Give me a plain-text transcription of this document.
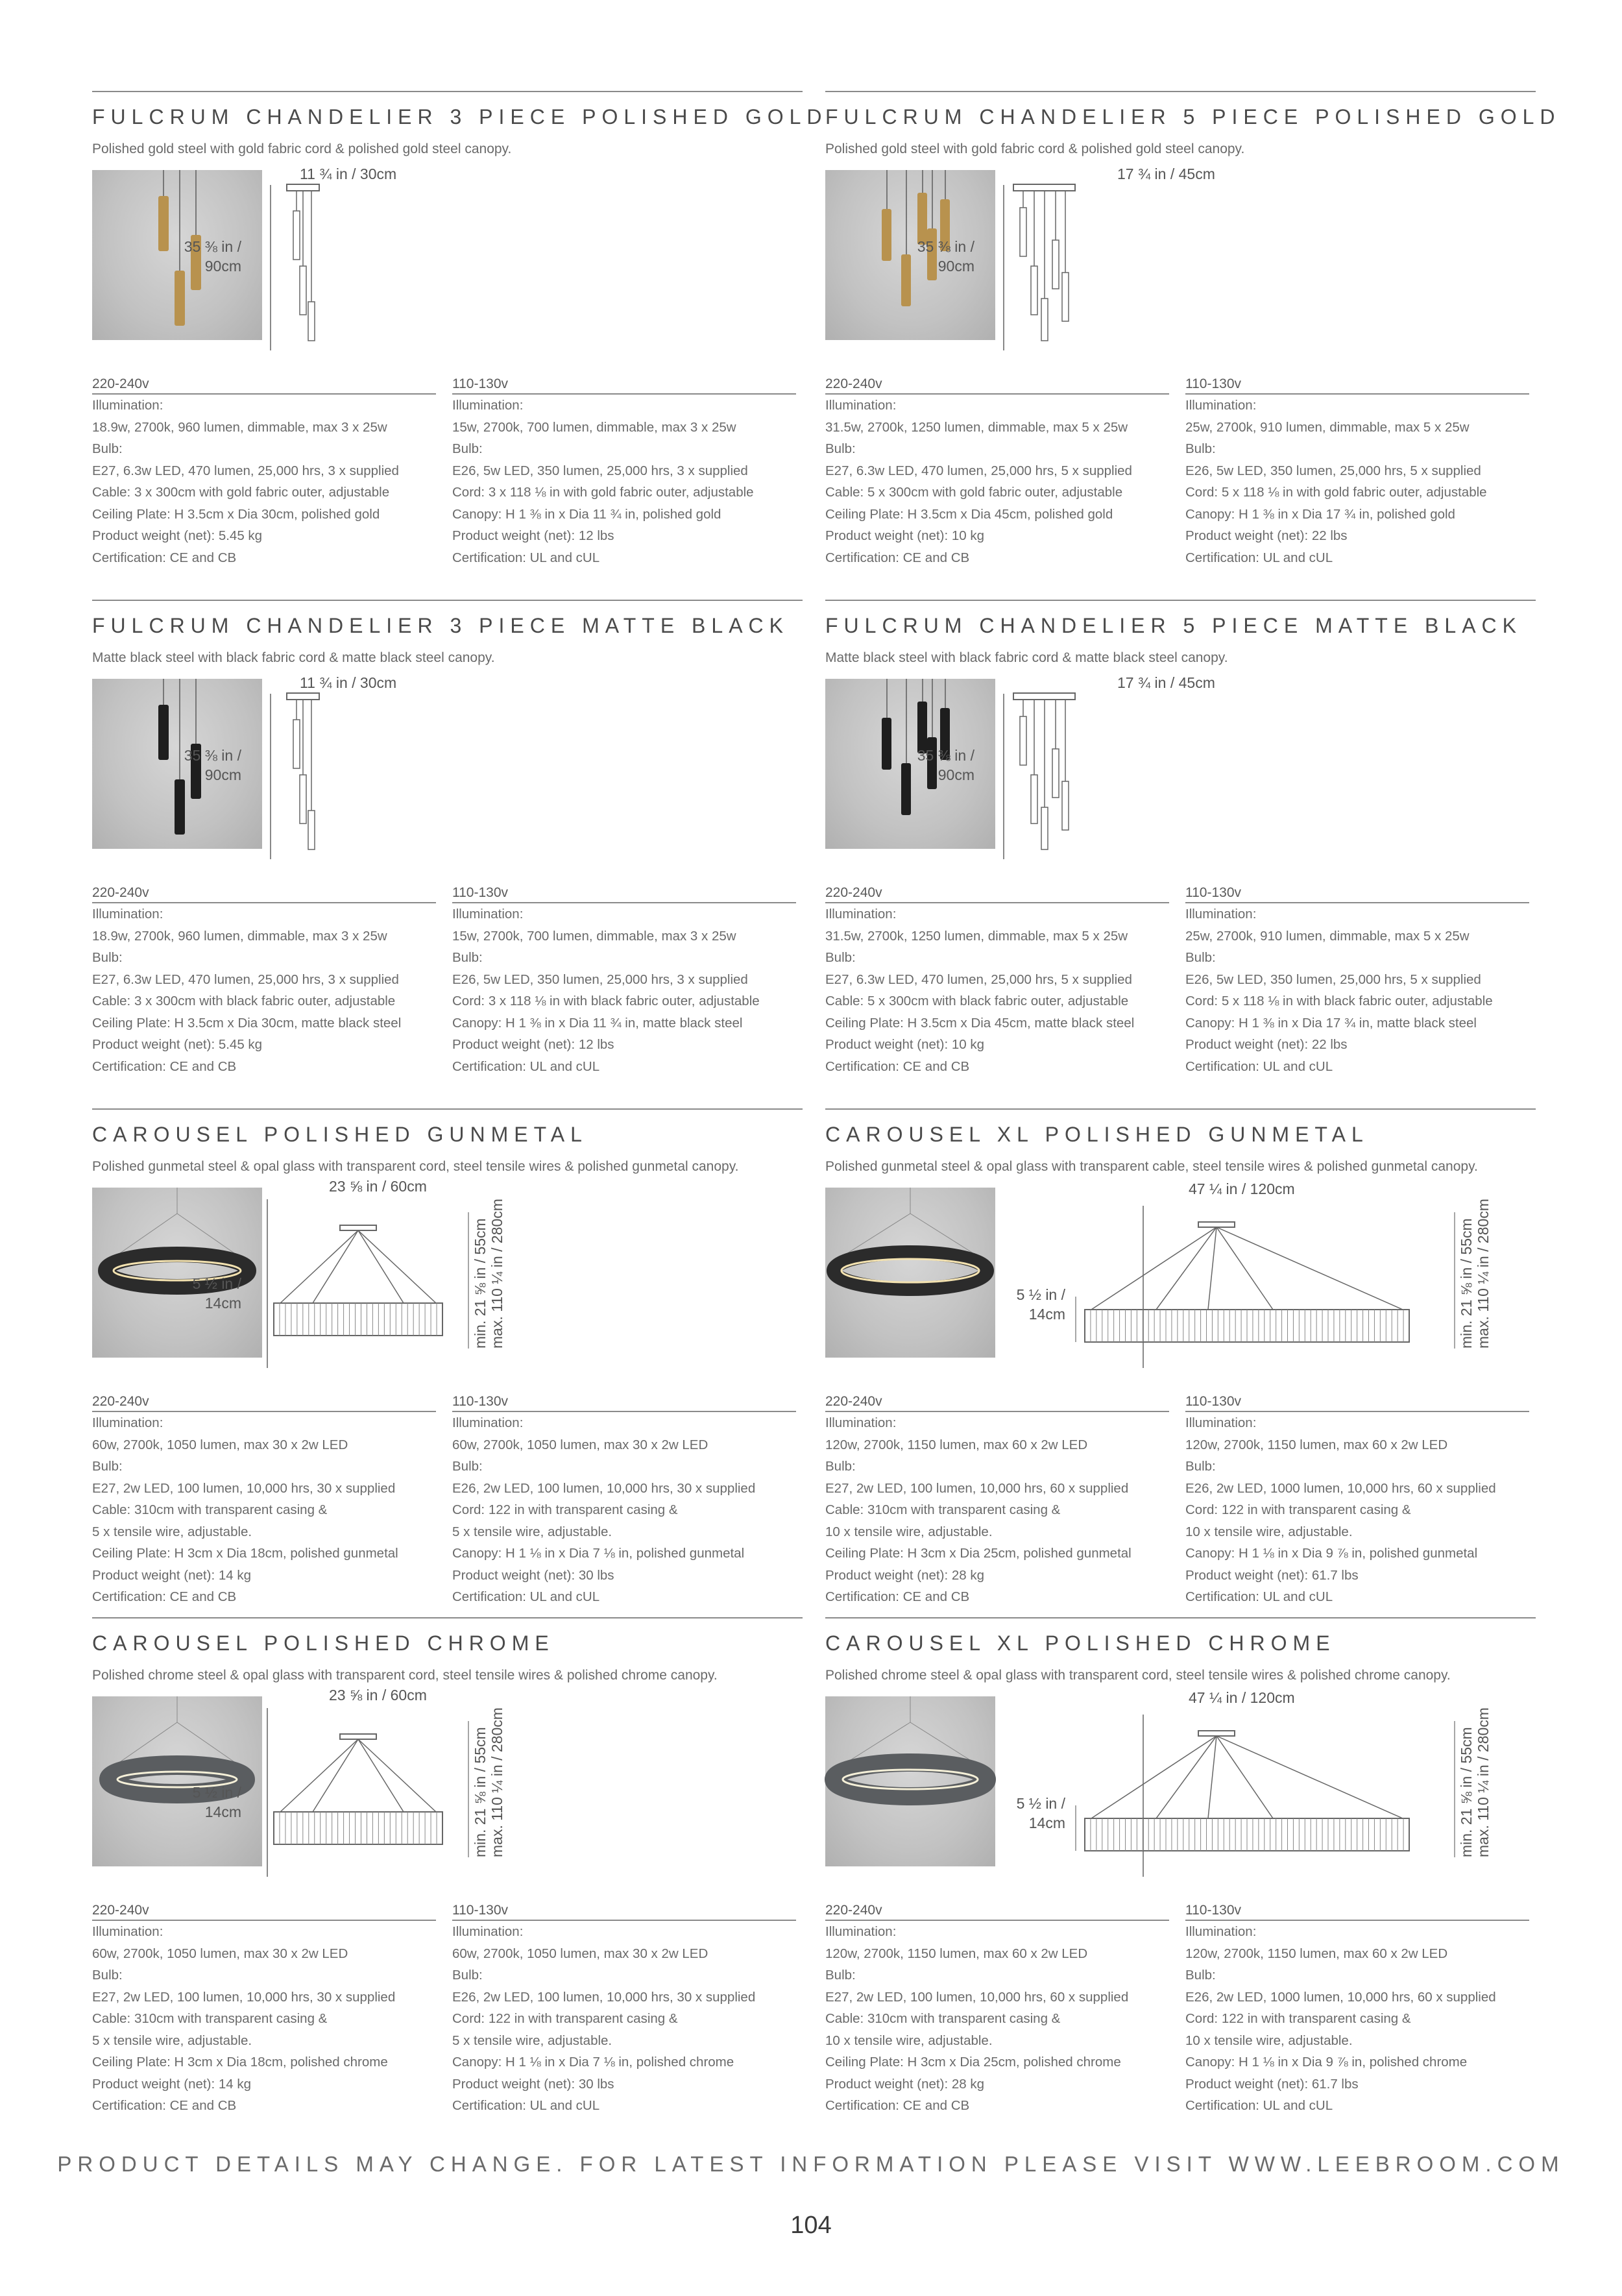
FULCRUM CHANDELIER 3 PIECE POLISHED GOLD
Polished gold steel with gold fabric cord & polished gold steel canopy.
11 ¾ in / 30cm
35 ⅜ in /
90cm
220-240v
Illumination:
18.9w, 2700k, 960 lumen, dimmable, max 3 x 25w
Bulb:
E27, 6.3w LED, 470 lumen, 25,000 hrs, 3 x supplied
Cable: 3 x 300cm with gold fabric outer, adjustable
Ceiling Plate: H 3.5cm x Dia 30cm, polished gold
Product weight (net): 5.45 kg
Certification: CE and CB
110-130v
Illumination:
15w, 2700k, 700 lumen, dimmable, max 3 x 25w
Bulb:
E26, 5w LED, 350 lumen, 25,000 hrs, 3 x supplied
Cord: 3 x 118 ⅛ in with gold fabric outer, adjustable
Canopy: H 1 ⅜ in x Dia 11 ¾ in, polished gold
Product weight (net): 12 lbs
Certification: UL and cUL
FULCRUM CHANDELIER 5 PIECE POLISHED GOLD
Polished gold steel with gold fabric cord & polished gold steel canopy.
17 ¾ in / 45cm
35 ⅜ in /
90cm
220-240v
Illumination:
31.5w, 2700k, 1250 lumen, dimmable, max 5 x 25w
Bulb:
E27, 6.3w LED, 470 lumen, 25,000 hrs, 5 x supplied
Cable: 5 x 300cm with gold fabric outer, adjustable
Ceiling Plate: H 3.5cm x Dia 45cm, polished gold
Product weight (net): 10 kg
Certification: CE and CB
110-130v
Illumination:
25w, 2700k, 910 lumen, dimmable, max 5 x 25w
Bulb:
E26, 5w LED, 350 lumen, 25,000 hrs, 5 x supplied
Cord: 5 x 118 ⅛ in with gold fabric outer, adjustable
Canopy: H 1 ⅜ in x Dia 17 ¾ in, polished gold
Product weight (net): 22 lbs
Certification: UL and cUL
FULCRUM CHANDELIER 3 PIECE MATTE BLACK
Matte black steel with black fabric cord & matte black steel canopy.
11 ¾ in / 30cm
35 ⅜ in /
90cm
220-240v
Illumination:
18.9w, 2700k, 960 lumen, dimmable, max 3 x 25w
Bulb:
E27, 6.3w LED, 470 lumen, 25,000 hrs, 3 x supplied
Cable: 3 x 300cm with black fabric outer, adjustable
Ceiling Plate: H 3.5cm x Dia 30cm, matte black steel
Product weight (net): 5.45 kg
Certification: CE and CB
110-130v
Illumination:
15w, 2700k, 700 lumen, dimmable, max 3 x 25w
Bulb:
E26, 5w LED, 350 lumen, 25,000 hrs, 3 x supplied
Cord: 3 x 118 ⅛ in with black fabric outer, adjustable
Canopy: H 1 ⅜ in x Dia 11 ¾ in, matte black steel
Product weight (net): 12 lbs
Certification: UL and cUL
FULCRUM CHANDELIER 5 PIECE MATTE BLACK
Matte black steel with black fabric cord & matte black steel canopy.
17 ¾ in / 45cm
35 ⅜ in /
90cm
220-240v
Illumination:
31.5w, 2700k, 1250 lumen, dimmable, max 5 x 25w
Bulb:
E27, 6.3w LED, 470 lumen, 25,000 hrs, 5 x supplied
Cable: 5 x 300cm with black fabric outer, adjustable
Ceiling Plate: H 3.5cm x Dia 45cm, matte black steel
Product weight (net): 10 kg
Certification: CE and CB
110-130v
Illumination:
25w, 2700k, 910 lumen, dimmable, max 5 x 25w
Bulb:
E26, 5w LED, 350 lumen, 25,000 hrs, 5 x supplied
Cord: 5 x 118 ⅛ in with black fabric outer, adjustable
Canopy: H 1 ⅜ in x Dia 17 ¾ in, matte black steel
Product weight (net): 22 lbs
Certification: UL and cUL
CAROUSEL POLISHED GUNMETAL
Polished gunmetal steel & opal glass with transparent cord, steel tensile wires & polished gunmetal canopy.
23 ⅝ in / 60cm
5 ½ in /
14cm	min. 21 ⅝ in / 55cm max. 110 ¼ in / 280cm
220-240v
Illumination:
60w, 2700k, 1050 lumen, max 30 x 2w LED
Bulb:
E27, 2w LED, 100 lumen, 10,000 hrs, 30 x supplied
Cable: 310cm with transparent casing &
5 x tensile wire, adjustable.
Ceiling Plate: H 3cm x Dia 18cm, polished gunmetal
Product weight (net): 14 kg
Certification: CE and CB
110-130v
Illumination:
60w, 2700k, 1050 lumen, max 30 x 2w LED
Bulb:
E26, 2w LED, 100 lumen, 10,000 hrs, 30 x supplied
Cord: 122 in with transparent casing &
5 x tensile wire, adjustable.
Canopy: H 1 ⅛ in x Dia 7 ⅛ in, polished gunmetal
Product weight (net): 30 lbs
Certification: UL and cUL
CAROUSEL XL POLISHED GUNMETAL
Polished gunmetal steel & opal glass with transparent cable, steel tensile wires & polished gunmetal canopy.
47 ¼ in / 120cm
5 ½ in /
14cm	min. 21 ⅝ in / 55cm max. 110 ¼ in / 280cm
220-240v
Illumination:
120w, 2700k, 1150 lumen, max 60 x 2w LED
Bulb:
E27, 2w LED, 100 lumen, 10,000 hrs, 60 x supplied
Cable: 310cm with transparent casing &
10 x tensile wire, adjustable.
Ceiling Plate: H 3cm x Dia 25cm, polished gunmetal
Product weight (net): 28 kg
Certification: CE and CB
110-130v
Illumination:
120w, 2700k, 1150 lumen, max 60 x 2w LED
Bulb:
E26, 2w LED, 1000 lumen, 10,000 hrs, 60 x supplied
Cord: 122 in with transparent casing &
10 x tensile wire, adjustable.
Canopy: H 1 ⅛ in x Dia 9 ⅞ in, polished gunmetal
Product weight (net): 61.7 lbs
Certification: UL and cUL
CAROUSEL POLISHED CHROME
Polished chrome steel & opal glass with transparent cord, steel tensile wires & polished chrome canopy.
23 ⅝ in / 60cm
5 ½ in /
14cm	min. 21 ⅝ in / 55cm max. 110 ¼ in / 280cm
220-240v
Illumination:
60w, 2700k, 1050 lumen, max 30 x 2w LED
Bulb:
E27, 2w LED, 100 lumen, 10,000 hrs, 30 x supplied
Cable: 310cm with transparent casing &
5 x tensile wire, adjustable.
Ceiling Plate: H 3cm x Dia 18cm, polished chrome
Product weight (net): 14 kg
Certification: CE and CB
110-130v
Illumination:
60w, 2700k, 1050 lumen, max 30 x 2w LED
Bulb:
E26, 2w LED, 100 lumen, 10,000 hrs, 30 x supplied
Cord: 122 in with transparent casing &
5 x tensile wire, adjustable.
Canopy: H 1 ⅛ in x Dia 7 ⅛ in, polished chrome
Product weight (net): 30 lbs
Certification: UL and cUL
CAROUSEL XL POLISHED CHROME
Polished chrome steel & opal glass with transparent cord, steel tensile wires & polished chrome canopy.
47 ¼ in / 120cm
5 ½ in /
14cm	min. 21 ⅝ in / 55cm max. 110 ¼ in / 280cm
220-240v
Illumination:
120w, 2700k, 1150 lumen, max 60 x 2w LED
Bulb:
E27, 2w LED, 100 lumen, 10,000 hrs, 60 x supplied
Cable: 310cm with transparent casing &
10 x tensile wire, adjustable.
Ceiling Plate: H 3cm x Dia 25cm, polished chrome
Product weight (net): 28 kg
Certification: CE and CB
110-130v
Illumination:
120w, 2700k, 1150 lumen, max 60 x 2w LED
Bulb:
E26, 2w LED, 1000 lumen, 10,000 hrs, 60 x supplied
Cord: 122 in with transparent casing &
10 x tensile wire, adjustable.
Canopy: H 1 ⅛ in x Dia 9 ⅞ in, polished chrome
Product weight (net): 61.7 lbs
Certification: UL and cUL
PRODUCT DETAILS MAY CHANGE. FOR LATEST INFORMATION PLEASE VISIT WWW.LEEBROOM.COM
104
